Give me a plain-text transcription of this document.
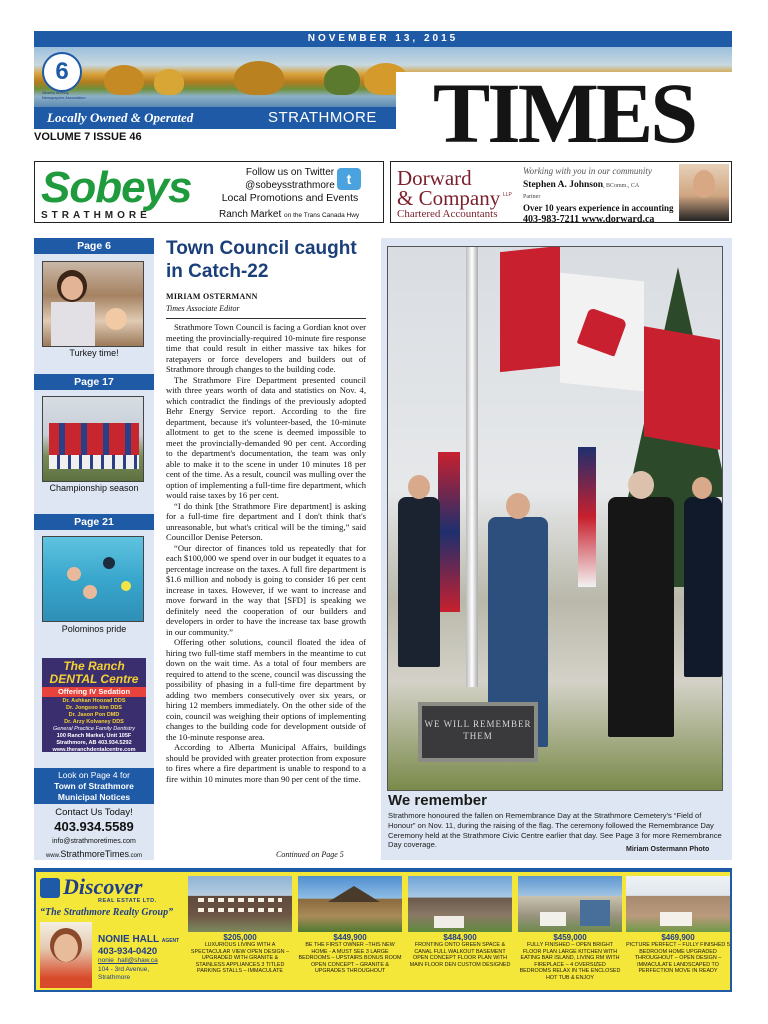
NOVEMBER 13, 2015
6
Alberta Weekly Newspapers Association
Locally Owned & Operated	STRATHMORE TIMES
VOLUME 7 ISSUE 46
Sobeys
STRATHMORE
Follow us on Twitter
@sobeysstrathmore
Local Promotions and Events
t
Ranch Market on the Trans Canada Hwy
Dorward
& Company LLP
Chartered Accountants
Working with you in our community
Stephen A. Johnson, BComm., CA
Partner
Over 10 years experience in accounting
403-983-7211 www.dorward.ca
Page 6
Turkey time!
Page 17
Championship season
Page 21
Polominos pride
The Ranch DENTAL Centre
Offering IV Sedation
Dr. Ashkan Hoozad DDS
Dr. Jongsoo kim DDS
Dr. Jason Pon DMD
Dr. Arzy Kolvaney DDS
General Practice Family Dentistry
100 Ranch Market, Unit 105F
Strathmore, AB 403.934.5292
www.theranchdentalcentre.com
Look on Page 4 for
Town of Strathmore
Municipal Notices
Contact Us Today!
403.934.5589
info@strathmoretimes.com
www.StrathmoreTimes.com
Town Council caught in Catch-22
MIRIAM OSTERMANN
Times Associate Editor

Strathmore Town Council is facing a Gordian knot over meeting the provincially-required 10-minute fire response time that could result in either massive tax hikes for ratepayers or force developers and builders out of Strathmore through changes to the building code.

The Strathmore Fire Department presented council with three years worth of data and statistics on Nov. 4, which contradict the findings of the previously adopted Behr Energy Service report. According to the fire department, because it's volunteer-based, the 10-minute allotment to get to the scene is deemed impossible to meet the provincially-demanded 90 per cent. According to the department's documentation, the team was only able to make it to the scene in under 10 minutes 18 per cent of the time. As a result, council was mulling over the option of implementing a full-time fire department, which would raise taxes by 16 per cent.

“I do think [the Strathmore Fire department] is asking for a full-time fire department and I don't think that's unreasonable, but what's critical will be the timing,” said Councillor Denise Peterson.

“Our director of finances told us repeatedly that for each $100,000 we spend over in our budget it equates to a percentage increase on the taxes. A full fire department is $1.6 million and nobody is going to consider 16 per cent increase in taxes. However, if we want to increase and move forward in the way that [SFD] is speaking we definitely need the cooperation of our builders and developers in order to have the increase tax base growth in our community.”

Offering other solutions, council floated the idea of hiring two full-time staff members in the meantime to cut down on the wait time. As a total of four members are required to attend to the scene, council was discussing the possibility of phasing in a full-time fire department by adding two members consecutively over six years, or hiring 12 members immediately. On the other side of the coin, council was weighing their options of implementing changes to the building code for development outside of the 10-minute response area.

According to Alberta Municipal Affairs, buildings should be provided with greater protection from exposure to fires where a fire department is unable to respond to a fire within 10 minutes more than 90 per cent of the time.

Continued on Page 5
WE WILL REMEMBER THEM
We remember
Strathmore honoured the fallen on Remembrance Day at the Strathmore Cemetery's “Field of Honour” on Nov. 11, during the raising of the flag. The ceremony followed the Remembrance Day Ceremony held at the Strathmore Civic Centre earlier that day. See Page 3 for more Remembrance Day coverage.
Miriam Ostermann Photo
Discover
REAL ESTATE LTD.
“The Strathmore Realty Group”
NONIE HALL AGENT
403-934-0420
nonie_hall@shaw.ca
104 - 3rd Avenue,
Strathmore
$205,000
LUXURIOUS LIVING WITH A SPECTACULAR VIEW OPEN DESIGN – UPGRADED WITH GRANITE & STAINLESS APPLIANCES 3 TITLED PARKING STALLS – IMMACULATE
$449,900
BE THE FIRST OWNER –THIS NEW HOME - A MUST SEE 3 LARGE BEDROOMS – UPSTAIRS BONUS ROOM OPEN CONCEPT – GRANITE & UPGRADES THROUGHOUT
$484,900
FRONTING ONTO GREEN SPACE & CANAL FULL WALKOUT BASEMENT OPEN CONCEPT FLOOR PLAN WITH MAIN FLOOR DEN CUSTOM DESIGNED
$459,000
FULLY FINISHED – OPEN BRIGHT FLOOR PLAN LARGE KITCHEN WITH EATING BAR ISLAND, LIVING RM WITH FIREPLACE – 4 OVERSIZED BEDROOMS RELAX IN THE ENCLOSED HOT TUB & ENJOY
$469,900
PICTURE PERFECT – FULLY FINISHED 5 BEDROOM HOME UPGRADED THROUGHOUT – OPEN DESIGN – IMMACULATE LANDSCAPED TO PERFECTION MOVE IN READY
